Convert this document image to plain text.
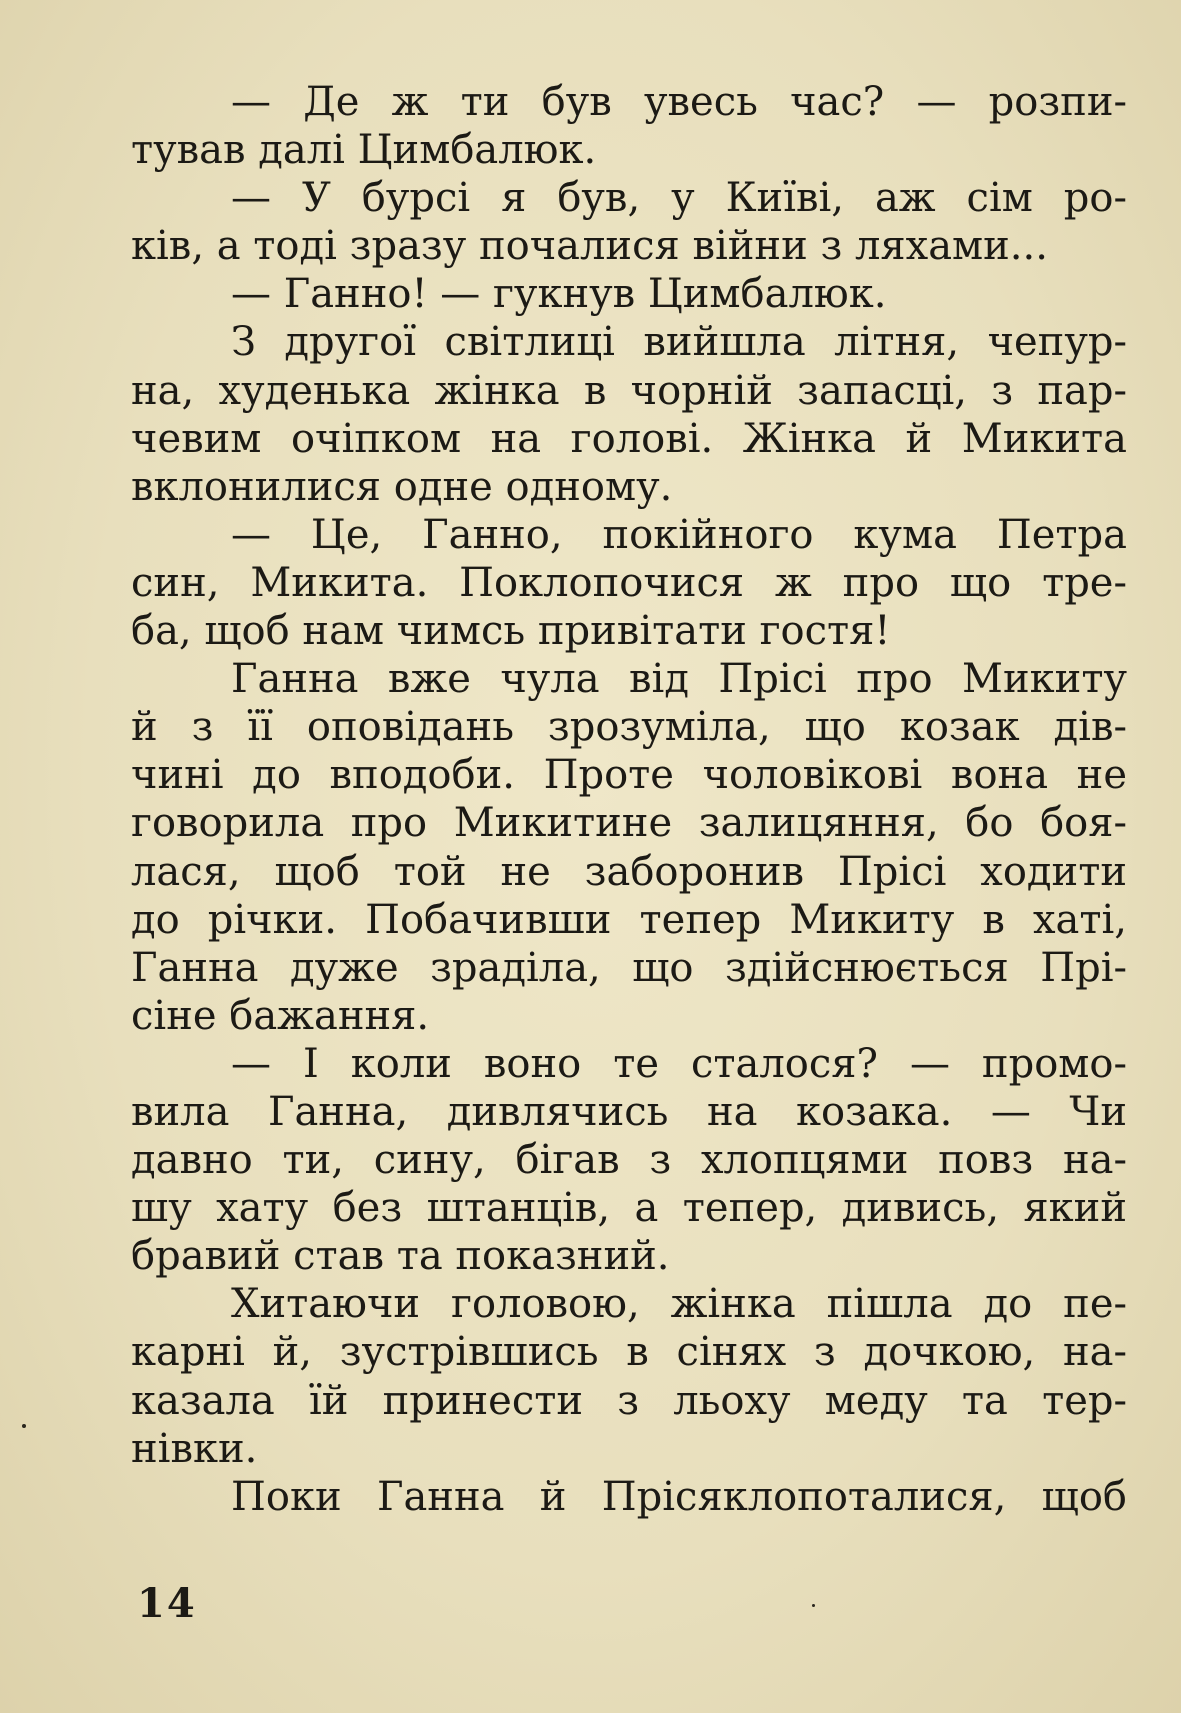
— Де ж ти був увесь час? — розпи-
тував далі Цимбалюк.
— У бурсі я був, у Київі, аж сім ро-
ків, а тоді зразу почалися війни з ляхами...
— Ганно! — гукнув Цимбалюк.
З другої світлиці вийшла літня, чепур-
на, худенька жінка в чорній запасці, з пар-
чевим очіпком на голові. Жінка й Микита
вклонилися одне одному.
— Це, Ганно, покійного кума Петра
син, Микита. Поклопочися ж про що тре-
ба, щоб нам чимсь привітати гостя!
Ганна вже чула від Прісі про Микиту
й з її оповідань зрозуміла, що козак дів-
чині до вподоби. Проте чоловікові вона не
говорила про Микитине залицяння, бо боя-
лася, щоб той не заборонив Прісі ходити
до річки. Побачивши тепер Микиту в хаті,
Ганна дуже зраділа, що здійснюється Прі-
сіне бажання.
— І коли воно те сталося? — промо-
вила Ганна, дивлячись на козака. — Чи
давно ти, сину, бігав з хлопцями повз на-
шу хату без штанців, а тепер, дивись, який
бравий став та показний.
Хитаючи головою, жінка пішла до пе-
карні й, зустрівшись в сінях з дочкою, на-
казала їй принести з льоху меду та тер-
нівки.
Поки Ганна й Прісяклопоталися, щоб
14
